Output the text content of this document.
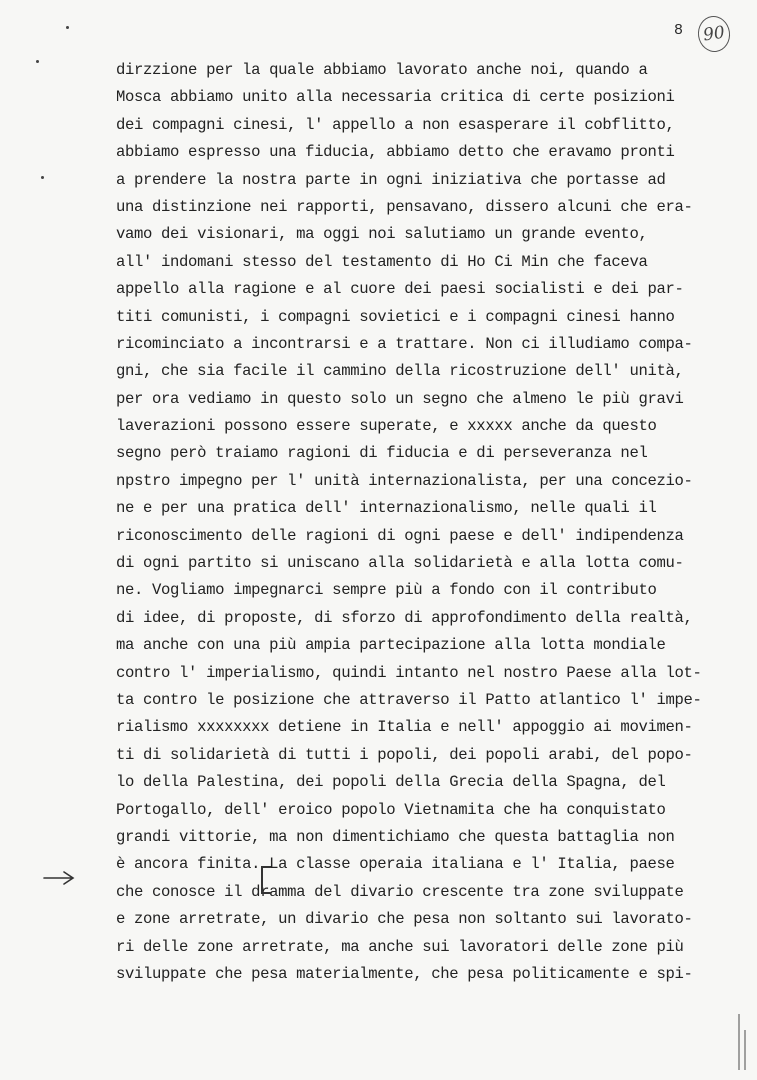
8	90
dirzzione per la quale abbiamo lavorato anche noi, quando a
Mosca abbiamo unito alla necessaria critica di certe posizioni
dei compagni cinesi, l' appello a non esasperare il cobflitto,
abbiamo espresso una fiducia, abbiamo detto che eravamo pronti
a prendere la nostra parte in ogni iniziativa che portasse ad
una distinzione nei rapporti, pensavano, dissero alcuni che era-
vamo dei visionari, ma oggi noi salutiamo un grande evento,
all' indomani stesso del testamento di Ho Ci Min che faceva
appello alla ragione e al cuore dei paesi socialisti e dei par-
titi comunisti, i compagni sovietici e i compagni cinesi hanno
ricominciato a incontrarsi e a trattare. Non ci illudiamo compa-
gni, che sia facile il cammino della ricostruzione dell' unità,
per ora vediamo in questo solo un segno che almeno le più gravi
laverazioni possono essere superate, e xxxxx anche da questo
segno però traiamo ragioni di fiducia e di perseveranza nel
npstro impegno per l' unità internazionalista, per una concezio-
ne e per una pratica dell' internazionalismo, nelle quali il
riconoscimento delle ragioni di ogni paese e dell' indipendenza
di ogni partito si uniscano alla solidarietà e alla lotta comu-
ne. Vogliamo impegnarci sempre più a fondo con il contributo
di idee, di proposte, di sforzo di approfondimento della realtà,
ma anche con una più ampia partecipazione alla lotta mondiale
contro l' imperialismo, quindi intanto nel nostro Paese alla lot-
ta contro le posizione che attraverso il Patto atlantico l' impe-
rialismo xxxxxxxx detiene in Italia e nell' appoggio ai movimen-
ti di solidarietà di tutti i popoli, dei popoli arabi, del popo-
lo della Palestina, dei popoli della Grecia della Spagna, del
Portogallo, dell' eroico popolo Vietnamita che ha conquistato
grandi vittorie, ma non dimentichiamo che questa battaglia non
è ancora finita. La classe operaia italiana e l' Italia, paese
che conosce il dramma del divario crescente tra zone sviluppate
e zone arretrate, un divario che pesa non soltanto sui lavorato-
ri delle zone arretrate, ma anche sui lavoratori delle zone più
sviluppate che pesa materialmente, che pesa politicamente e spi-
